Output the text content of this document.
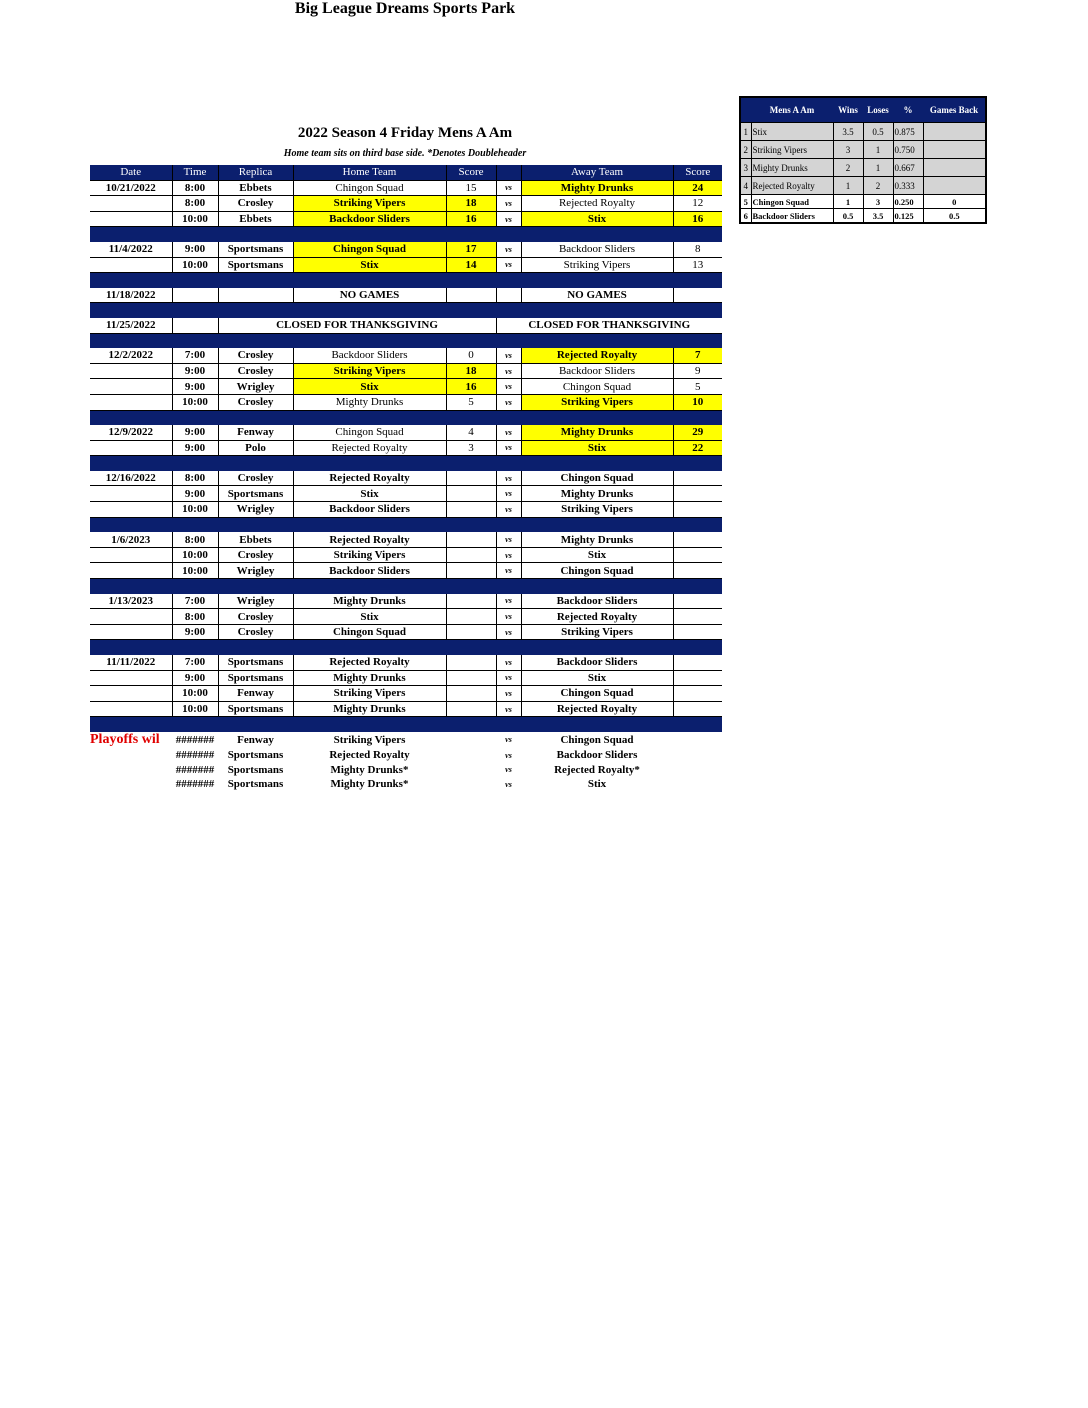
Big League Dreams Sports Park
2022 Season 4 Friday Mens A Am
Home team sits on third base side. *Denotes Doubleheader
Date	Time	Replica	Home Team	Score		Away Team	Score
10/21/2022	8:00	Ebbets	Chingon Squad	15	vs	Mighty Drunks	24
	8:00	Crosley	Striking Vipers	18	vs	Rejected Royalty	12
	10:00	Ebbets	Backdoor Sliders	16	vs	Stix	16

11/4/2022	9:00	Sportsmans	Chingon Squad	17	vs	Backdoor Sliders	8
	10:00	Sportsmans	Stix	14	vs	Striking Vipers	13

11/18/2022			NO GAMES			NO GAMES	

11/25/2022		CLOSED FOR THANKSGIVING			CLOSED FOR THANKSGIVING		

12/2/2022	7:00	Crosley	Backdoor Sliders	0	vs	Rejected Royalty	7
	9:00	Crosley	Striking Vipers	18	vs	Backdoor Sliders	9
	9:00	Wrigley	Stix	16	vs	Chingon Squad	5
	10:00	Crosley	Mighty Drunks	5	vs	Striking Vipers	10

12/9/2022	9:00	Fenway	Chingon Squad	4	vs	Mighty Drunks	29
	9:00	Polo	Rejected Royalty	3	vs	Stix	22

12/16/2022	8:00	Crosley	Rejected Royalty		vs	Chingon Squad	
	9:00	Sportsmans	Stix		vs	Mighty Drunks	
	10:00	Wrigley	Backdoor Sliders		vs	Striking Vipers	

1/6/2023	8:00	Ebbets	Rejected Royalty		vs	Mighty Drunks	
	10:00	Crosley	Striking Vipers		vs	Stix	
	10:00	Wrigley	Backdoor Sliders		vs	Chingon Squad	

1/13/2023	7:00	Wrigley	Mighty Drunks		vs	Backdoor Sliders	
	8:00	Crosley	Stix		vs	Rejected Royalty	
	9:00	Crosley	Chingon Squad		vs	Striking Vipers	

11/11/2022	7:00	Sportsmans	Rejected Royalty		vs	Backdoor Sliders	
	9:00	Sportsmans	Mighty Drunks		vs	Stix	
	10:00	Fenway	Striking Vipers		vs	Chingon Squad	
	10:00	Sportsmans	Mighty Drunks		vs	Rejected Royalty	

Playoffs wil	#######	Fenway	Striking Vipers		vs	Chingon Squad	
	#######	Sportsmans	Rejected Royalty		vs	Backdoor Sliders	
	#######	Sportsmans	Mighty Drunks*		vs	Rejected Royalty*	
	#######	Sportsmans	Mighty Drunks*		vs	Stix	
	Mens A Am	Wins	Loses	%	Games Back
1	Stix	3.5	0.5	0.875	
2	Striking Vipers	3	1	0.750	
3	Mighty Drunks	2	1	0.667	
4	Rejected Royalty	1	2	0.333	
5	Chingon Squad	1	3	0.250	0
6	Backdoor Sliders	0.5	3.5	0.125	0.5
